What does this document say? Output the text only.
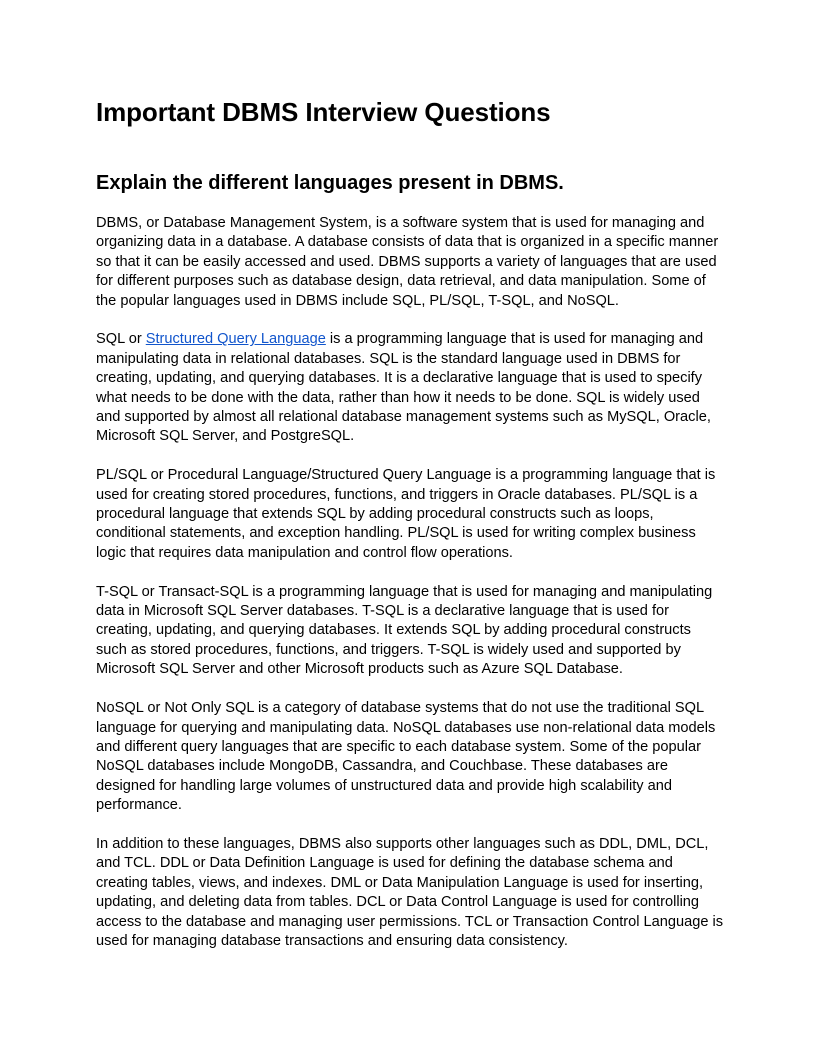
Important DBMS Interview Questions
Explain the different languages present in DBMS.

DBMS, or Database Management System, is a software system that is used for managing and organizing data in a database. A database consists of data that is organized in a specific manner so that it can be easily accessed and used. DBMS supports a variety of languages that are used for different purposes such as database design, data retrieval, and data manipulation. Some of the popular languages used in DBMS include SQL, PL/SQL, T-SQL, and NoSQL.

SQL or Structured Query Language is a programming language that is used for managing and manipulating data in relational databases. SQL is the standard language used in DBMS for creating, updating, and querying databases. It is a declarative language that is used to specify what needs to be done with the data, rather than how it needs to be done. SQL is widely used and supported by almost all relational database management systems such as MySQL, Oracle, Microsoft SQL Server, and PostgreSQL.

PL/SQL or Procedural Language/Structured Query Language is a programming language that is used for creating stored procedures, functions, and triggers in Oracle databases. PL/SQL is a procedural language that extends SQL by adding procedural constructs such as loops, conditional statements, and exception handling. PL/SQL is used for writing complex business logic that requires data manipulation and control flow operations.

T-SQL or Transact-SQL is a programming language that is used for managing and manipulating data in Microsoft SQL Server databases. T-SQL is a declarative language that is used for creating, updating, and querying databases. It extends SQL by adding procedural constructs such as stored procedures, functions, and triggers. T-SQL is widely used and supported by Microsoft SQL Server and other Microsoft products such as Azure SQL Database.

NoSQL or Not Only SQL is a category of database systems that do not use the traditional SQL language for querying and manipulating data. NoSQL databases use non-relational data models and different query languages that are specific to each database system. Some of the popular NoSQL databases include MongoDB, Cassandra, and Couchbase. These databases are designed for handling large volumes of unstructured data and provide high scalability and performance.

In addition to these languages, DBMS also supports other languages such as DDL, DML, DCL, and TCL. DDL or Data Definition Language is used for defining the database schema and creating tables, views, and indexes. DML or Data Manipulation Language is used for inserting, updating, and deleting data from tables. DCL or Data Control Language is used for controlling access to the database and managing user permissions. TCL or Transaction Control Language is used for managing database transactions and ensuring data consistency.
